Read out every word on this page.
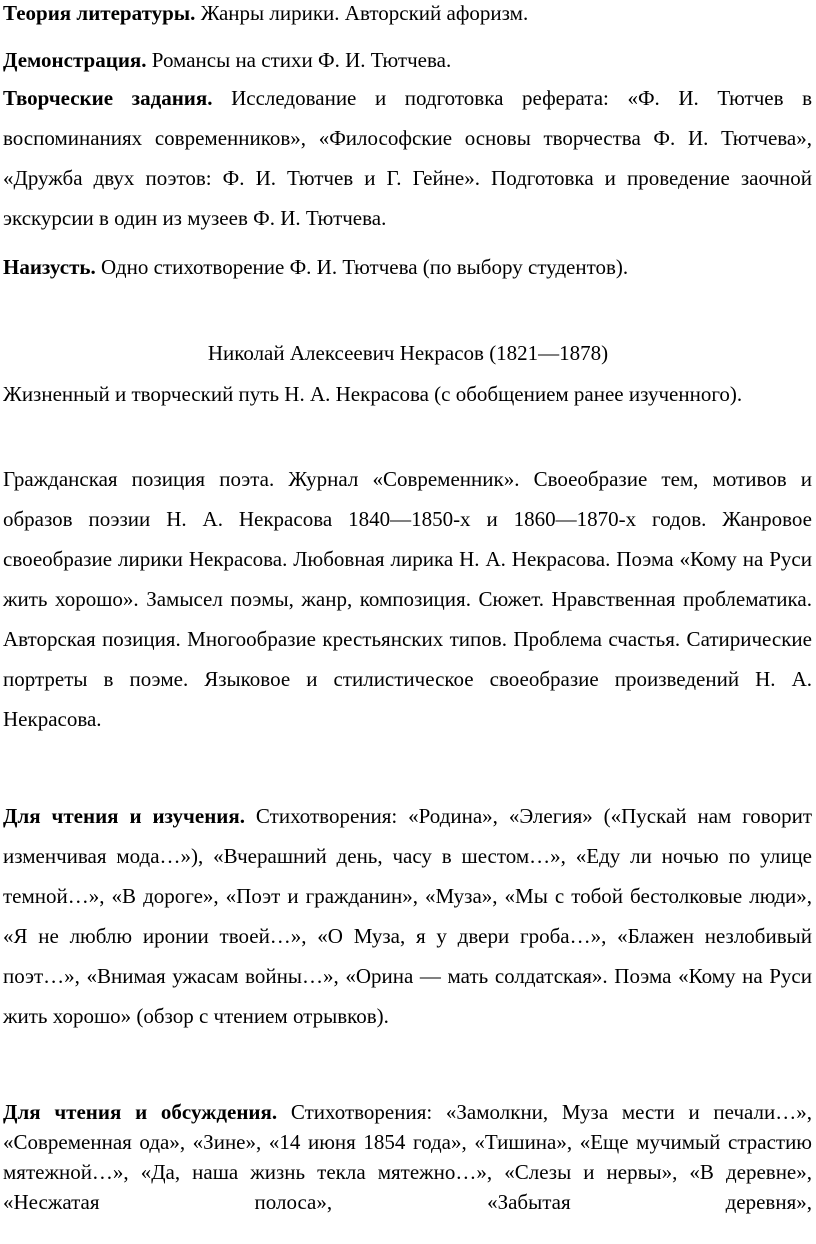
Теория литературы. Жанры лирики. Авторский афоризм.

Демонстрация. Романсы на стихи Ф. И. Тютчева.

Творческие задания. Исследование и подготовка реферата: «Ф. И. Тютчев в воспоминаниях современников», «Философские основы творчества Ф. И. Тютчева», «Дружба двух поэтов: Ф. И. Тютчев и Г. Гейне». Подготовка и проведение заочной экскурсии в один из музеев Ф. И. Тютчева.

Наизусть. Одно стихотворение Ф. И. Тютчева (по выбору студентов).

Николай Алексеевич Некрасов (1821—1878)

Жизненный и творческий путь Н. А. Некрасова (с обобщением ранее изученного).

Гражданская позиция поэта. Журнал «Современник». Своеобразие тем, мотивов и образов поэзии Н. А. Некрасова 1840—1850-х и 1860—1870-х годов. Жанровое своеобразие лирики Некрасова. Любовная лирика Н. А. Некрасова. Поэма «Кому на Руси жить хорошо». Замысел поэмы, жанр, композиция. Сюжет. Нравственная проблематика. Авторская позиция. Многообразие крестьянских типов. Проблема счастья. Сатирические портреты в поэме. Языковое и стилистическое своеобразие произведений Н. А. Некрасова.

Для чтения и изучения. Стихотворения: «Родина», «Элегия» («Пускай нам говорит изменчивая мода…»), «Вчерашний день, часу в шестом…», «Еду ли ночью по улице темной…», «В дороге», «Поэт и гражданин», «Муза», «Мы с тобой бестолковые люди», «Я не люблю иронии твоей…», «О Муза, я у двери гроба…», «Блажен незлобивый поэт…», «Внимая ужасам войны…», «Орина — мать солдатская». Поэма «Кому на Руси жить хорошо» (обзор с чтением отрывков).

Для чтения и обсуждения. Стихотворения: «Замолкни, Муза мести и печали…», «Современная ода», «Зине», «14 июня 1854 года», «Тишина», «Еще мучимый страстию мятежной…», «Да, наша жизнь текла мятежно…», «Слезы и нервы», «В деревне», «Несжатая полоса», «Забытая деревня»,
